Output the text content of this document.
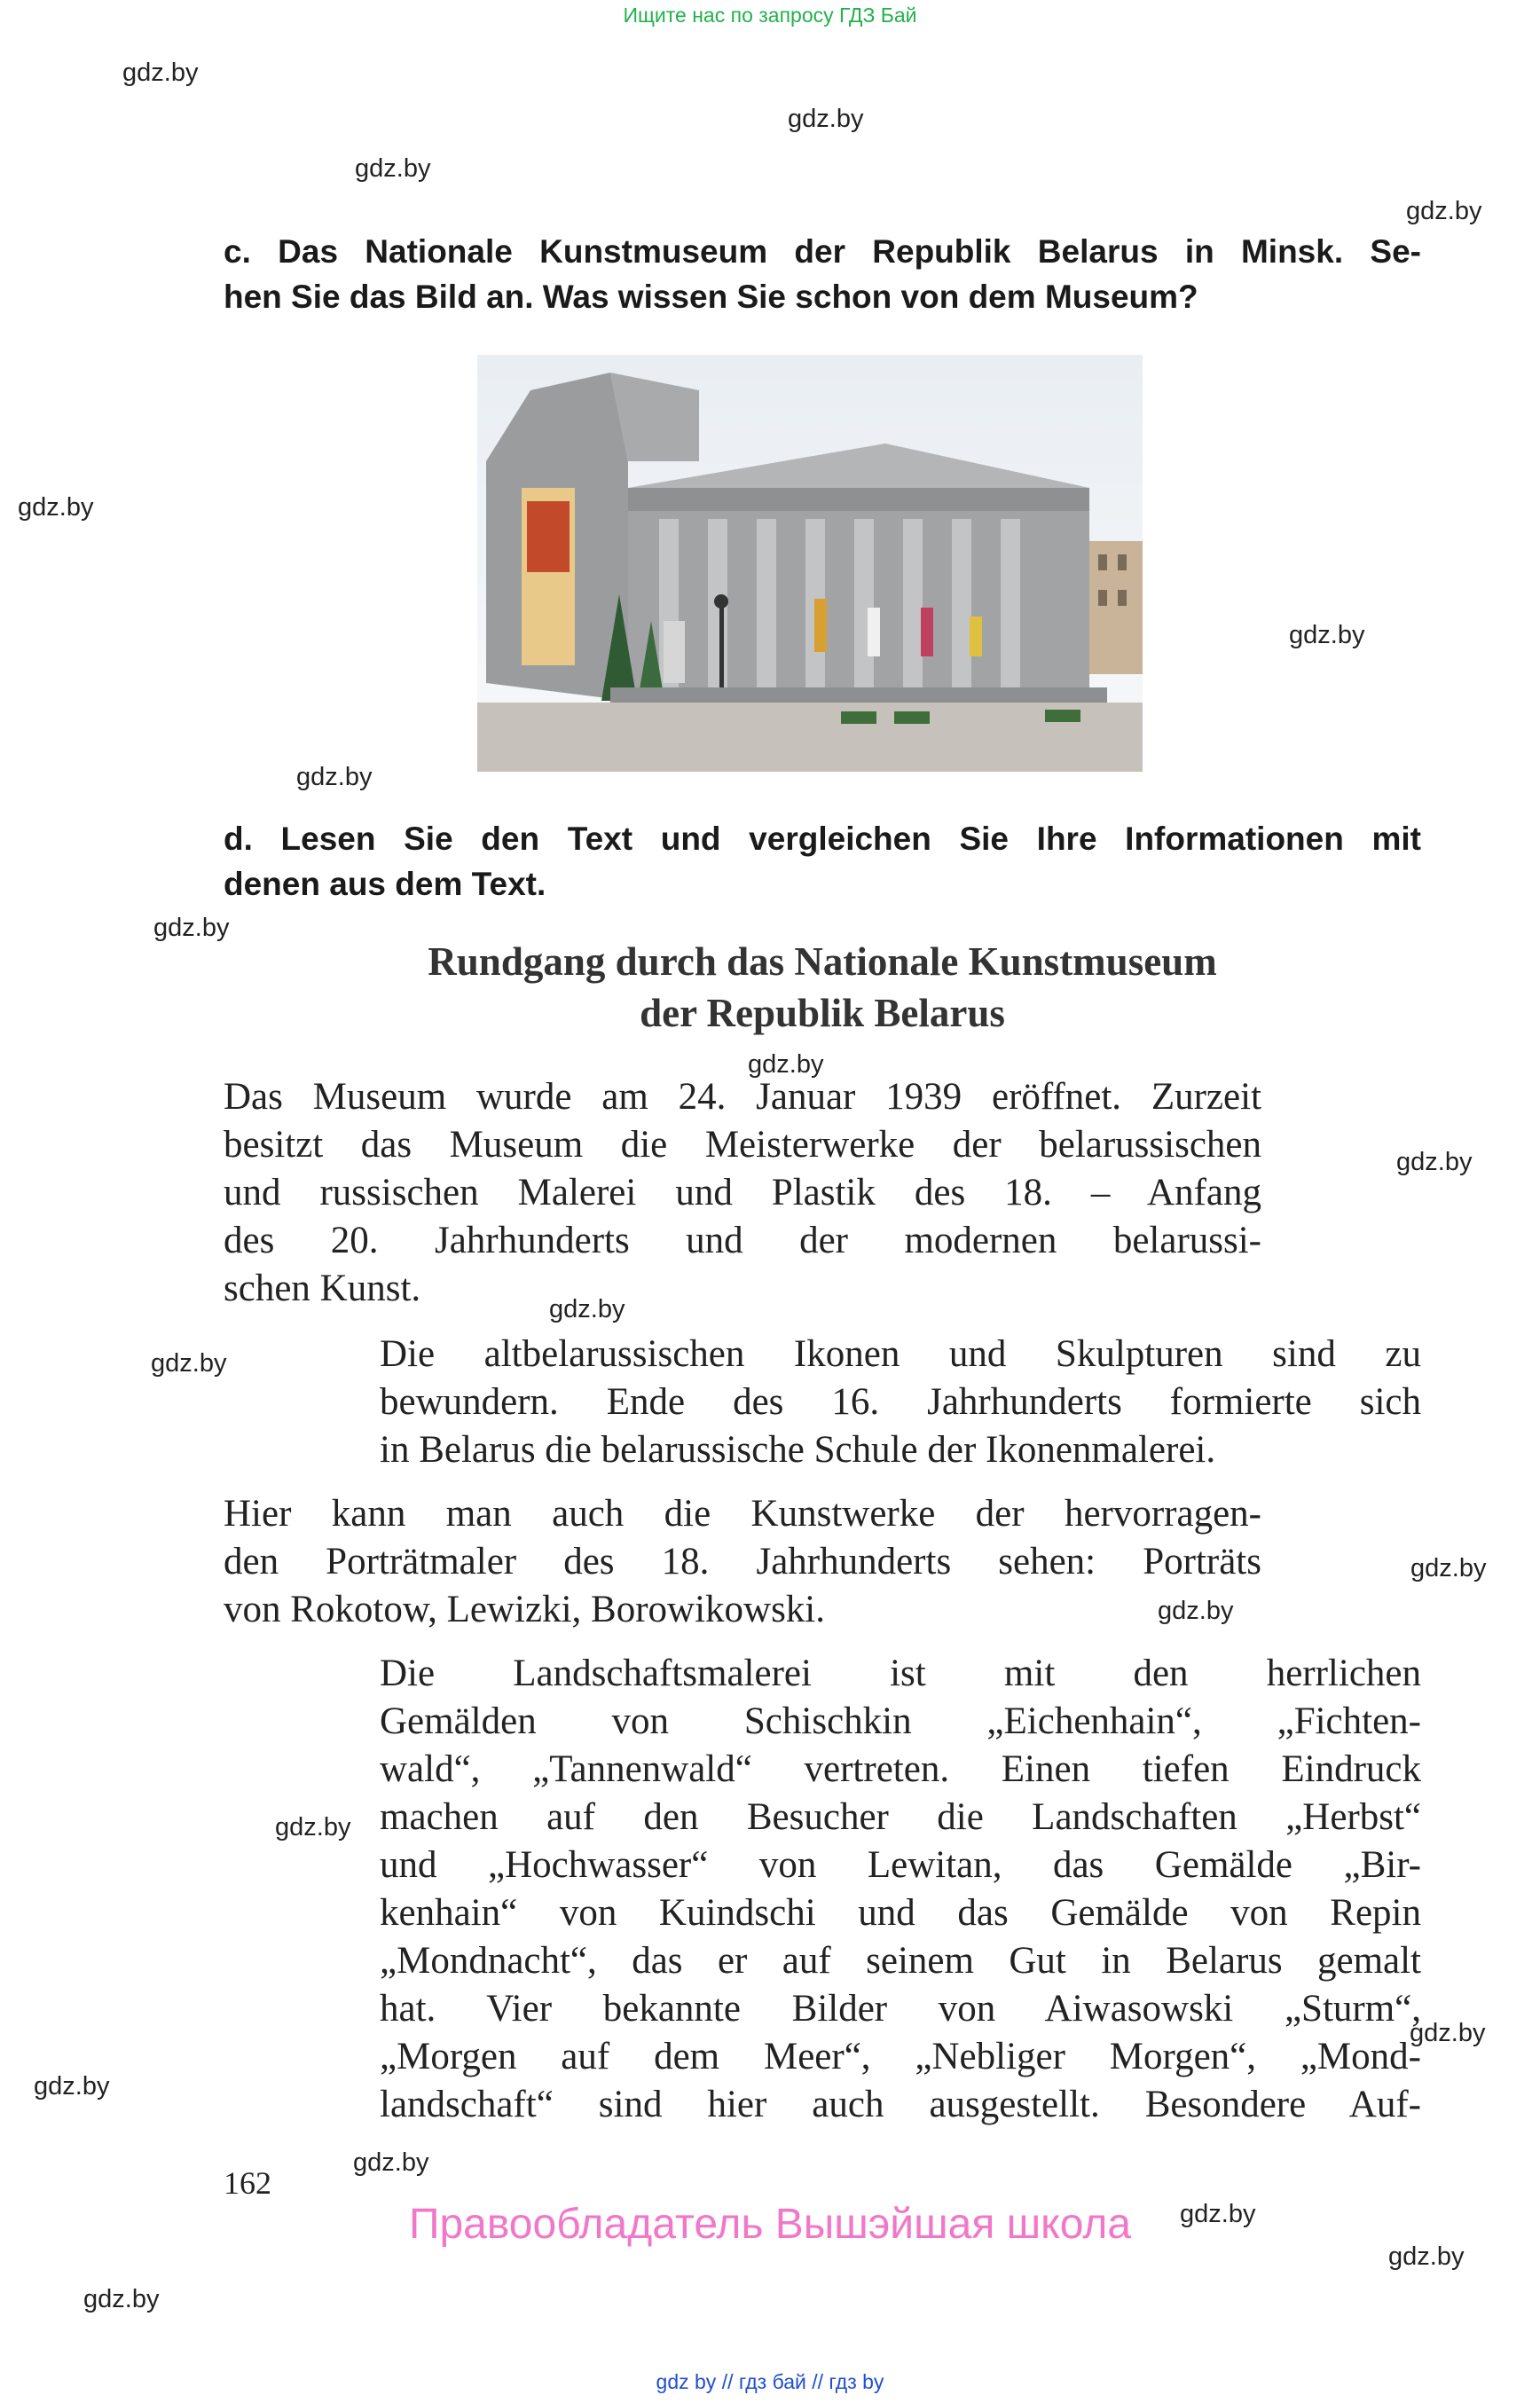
Ищите нас по запросу ГДЗ Бай
gdz.by
gdz.by
gdz.by
gdz.by
gdz.by
gdz.by
gdz.by
gdz.by
gdz.by
gdz.by
gdz.by
gdz.by
gdz.by
gdz.by
gdz.by
gdz.by
gdz.by
gdz.by
gdz.by
gdz.by
gdz.by
c. Das Nationale Kunstmuseum der Republik Belarus in Minsk. Se-
hen Sie das Bild an. Was wissen Sie schon von dem Museum?
d. Lesen Sie den Text und vergleichen Sie Ihre Informationen mit
denen aus dem Text.
Rundgang durch das Nationale Kunstmuseum
der Republik Belarus
Das Museum wurde am 24. Januar 1939 eröffnet. Zurzeit
besitzt das Museum die Meisterwerke der belarussischen
und russischen Malerei und Plastik des 18. – Anfang
des 20. Jahrhunderts und der modernen belarussi-
schen Kunst.
Die altbelarussischen Ikonen und Skulpturen sind zu
bewundern. Ende des 16. Jahrhunderts formierte sich
in Belarus die belarussische Schule der Ikonenmalerei.
Hier kann man auch die Kunstwerke der hervorragen-
den Porträtmaler des 18. Jahrhunderts sehen: Porträts
von Rokotow, Lewizki, Borowikowski.
Die Landschaftsmalerei ist mit den herrlichen
Gemälden von Schischkin „Eichenhain“, „Fichten-
wald“, „Tannenwald“ vertreten. Einen tiefen Eindruck
machen auf den Besucher die Landschaften „Herbst“
und „Hochwasser“ von Lewitan, das Gemälde „Bir-
kenhain“ von Kuindschi und das Gemälde von Repin
„Mondnacht“, das er auf seinem Gut in Belarus gemalt
hat. Vier bekannte Bilder von Aiwasowski „Sturm“,
„Morgen auf dem Meer“, „Nebliger Morgen“, „Mond-
landschaft“ sind hier auch ausgestellt. Besondere Auf-
162
Правообладатель Вышэйшая школа
gdz by // гдз бай // гдз by
